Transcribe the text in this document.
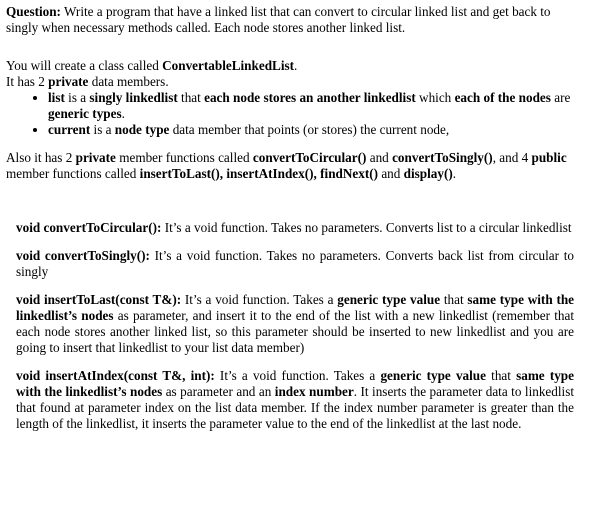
Question: Write a program that have a linked list that can convert to circular linked list and get back to singly when necessary methods called. Each node stores another linked list.

You will create a class called ConvertableLinkedList.

It has 2 private data members.

• list is a singly linkedlist that each node stores an another linkedlist which each of the nodes are generic types.
• current is a node type data member that points (or stores) the current node,

Also it has 2 private member functions called convertToCircular() and convertToSingly(), and 4 public member functions called insertToLast(), insertAtIndex(), findNext() and display().

void convertToCircular(): It’s a void function. Takes no parameters. Converts list to a circular linkedlist

void convertToSingly(): It’s a void function. Takes no parameters. Converts back list from circular to singly

void insertToLast(const T&): It’s a void function. Takes a generic type value that same type with the linkedlist’s nodes as parameter, and insert it to the end of the list with a new linkedlist (remember that each node stores another linked list, so this parameter should be inserted to new linkedlist and you are going to insert that linkedlist to your list data member)

void insertAtIndex(const T&, int): It’s a void function. Takes a generic type value that same type with the linkedlist’s nodes as parameter and an index number. It inserts the parameter data to linkedlist that found at parameter index on the list data member. If the index number parameter is greater than the length of the linkedlist, it inserts the parameter value to the end of the linkedlist at the last node.
